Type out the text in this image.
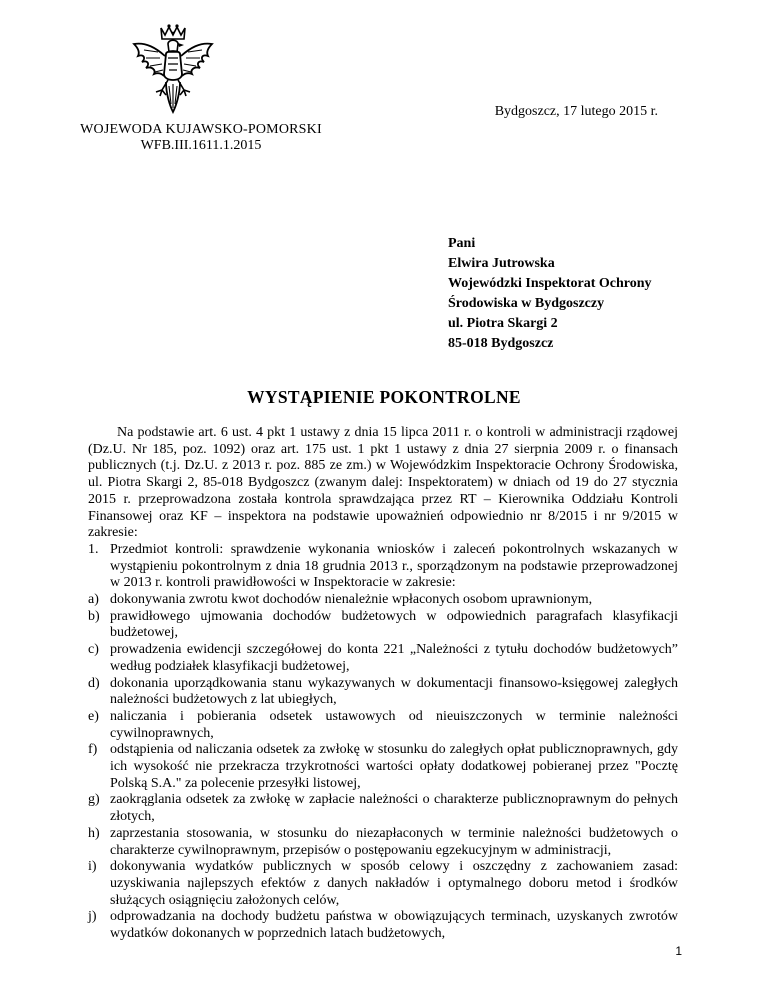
Bydgoszcz, 17 lutego 2015 r.
WOJEWODA KUJAWSKO-POMORSKI
WFB.III.1611.1.2015
Pani
Elwira Jutrowska
Wojewódzki Inspektorat Ochrony
Środowiska w Bydgoszczy
ul. Piotra Skargi 2
85-018 Bydgoszcz
WYSTĄPIENIE POKONTROLNE

Na podstawie art. 6 ust. 4 pkt 1 ustawy z dnia 15 lipca 2011 r. o kontroli w administracji rządowej (Dz.U. Nr 185, poz. 1092) oraz art. 175 ust. 1 pkt 1 ustawy z dnia 27 sierpnia 2009 r. o finansach publicznych (t.j. Dz.U. z 2013 r. poz. 885 ze zm.) w Wojewódzkim Inspektoracie Ochrony Środowiska, ul. Piotra Skargi 2, 85-018 Bydgoszcz (zwanym dalej: Inspektoratem) w dniach od 19 do 27 stycznia 2015 r. przeprowadzona została kontrola sprawdzająca przez RT – Kierownika Oddziału Kontroli Finansowej oraz KF – inspektora na podstawie upoważnień odpowiednio nr 8/2015 i nr 9/2015 w zakresie:

1. Przedmiot kontroli: sprawdzenie wykonania wniosków i zaleceń pokontrolnych wskazanych w wystąpieniu pokontrolnym z dnia 18 grudnia 2013 r., sporządzonym na podstawie przeprowadzonej w 2013 r. kontroli prawidłowości w Inspektoracie w zakresie:
a) dokonywania zwrotu kwot dochodów nienależnie wpłaconych osobom uprawnionym,
b) prawidłowego ujmowania dochodów budżetowych w odpowiednich paragrafach klasyfikacji budżetowej,
c) prowadzenia ewidencji szczegółowej do konta 221 „Należności z tytułu dochodów budżetowych” według podziałek klasyfikacji budżetowej,
d) dokonania uporządkowania stanu wykazywanych w dokumentacji finansowo-księgowej zaległych należności budżetowych z lat ubiegłych,
e) naliczania i pobierania odsetek ustawowych od nieuiszczonych w terminie należności cywilnoprawnych,
f) odstąpienia od naliczania odsetek za zwłokę w stosunku do zaległych opłat publicznoprawnych, gdy ich wysokość nie przekracza trzykrotności wartości opłaty dodatkowej pobieranej przez "Pocztę Polską S.A." za polecenie przesyłki listowej,
g) zaokrąglania odsetek za zwłokę w zapłacie należności o charakterze publicznoprawnym do pełnych złotych,
h) zaprzestania stosowania, w stosunku do niezapłaconych w terminie należności budżetowych o charakterze cywilnoprawnym, przepisów o postępowaniu egzekucyjnym w administracji,
i) dokonywania wydatków publicznych w sposób celowy i oszczędny z zachowaniem zasad: uzyskiwania najlepszych efektów z danych nakładów i optymalnego doboru metod i środków służących osiągnięciu założonych celów,
j) odprowadzania na dochody budżetu państwa w obowiązujących terminach, uzyskanych zwrotów wydatków dokonanych w poprzednich latach budżetowych,
1
